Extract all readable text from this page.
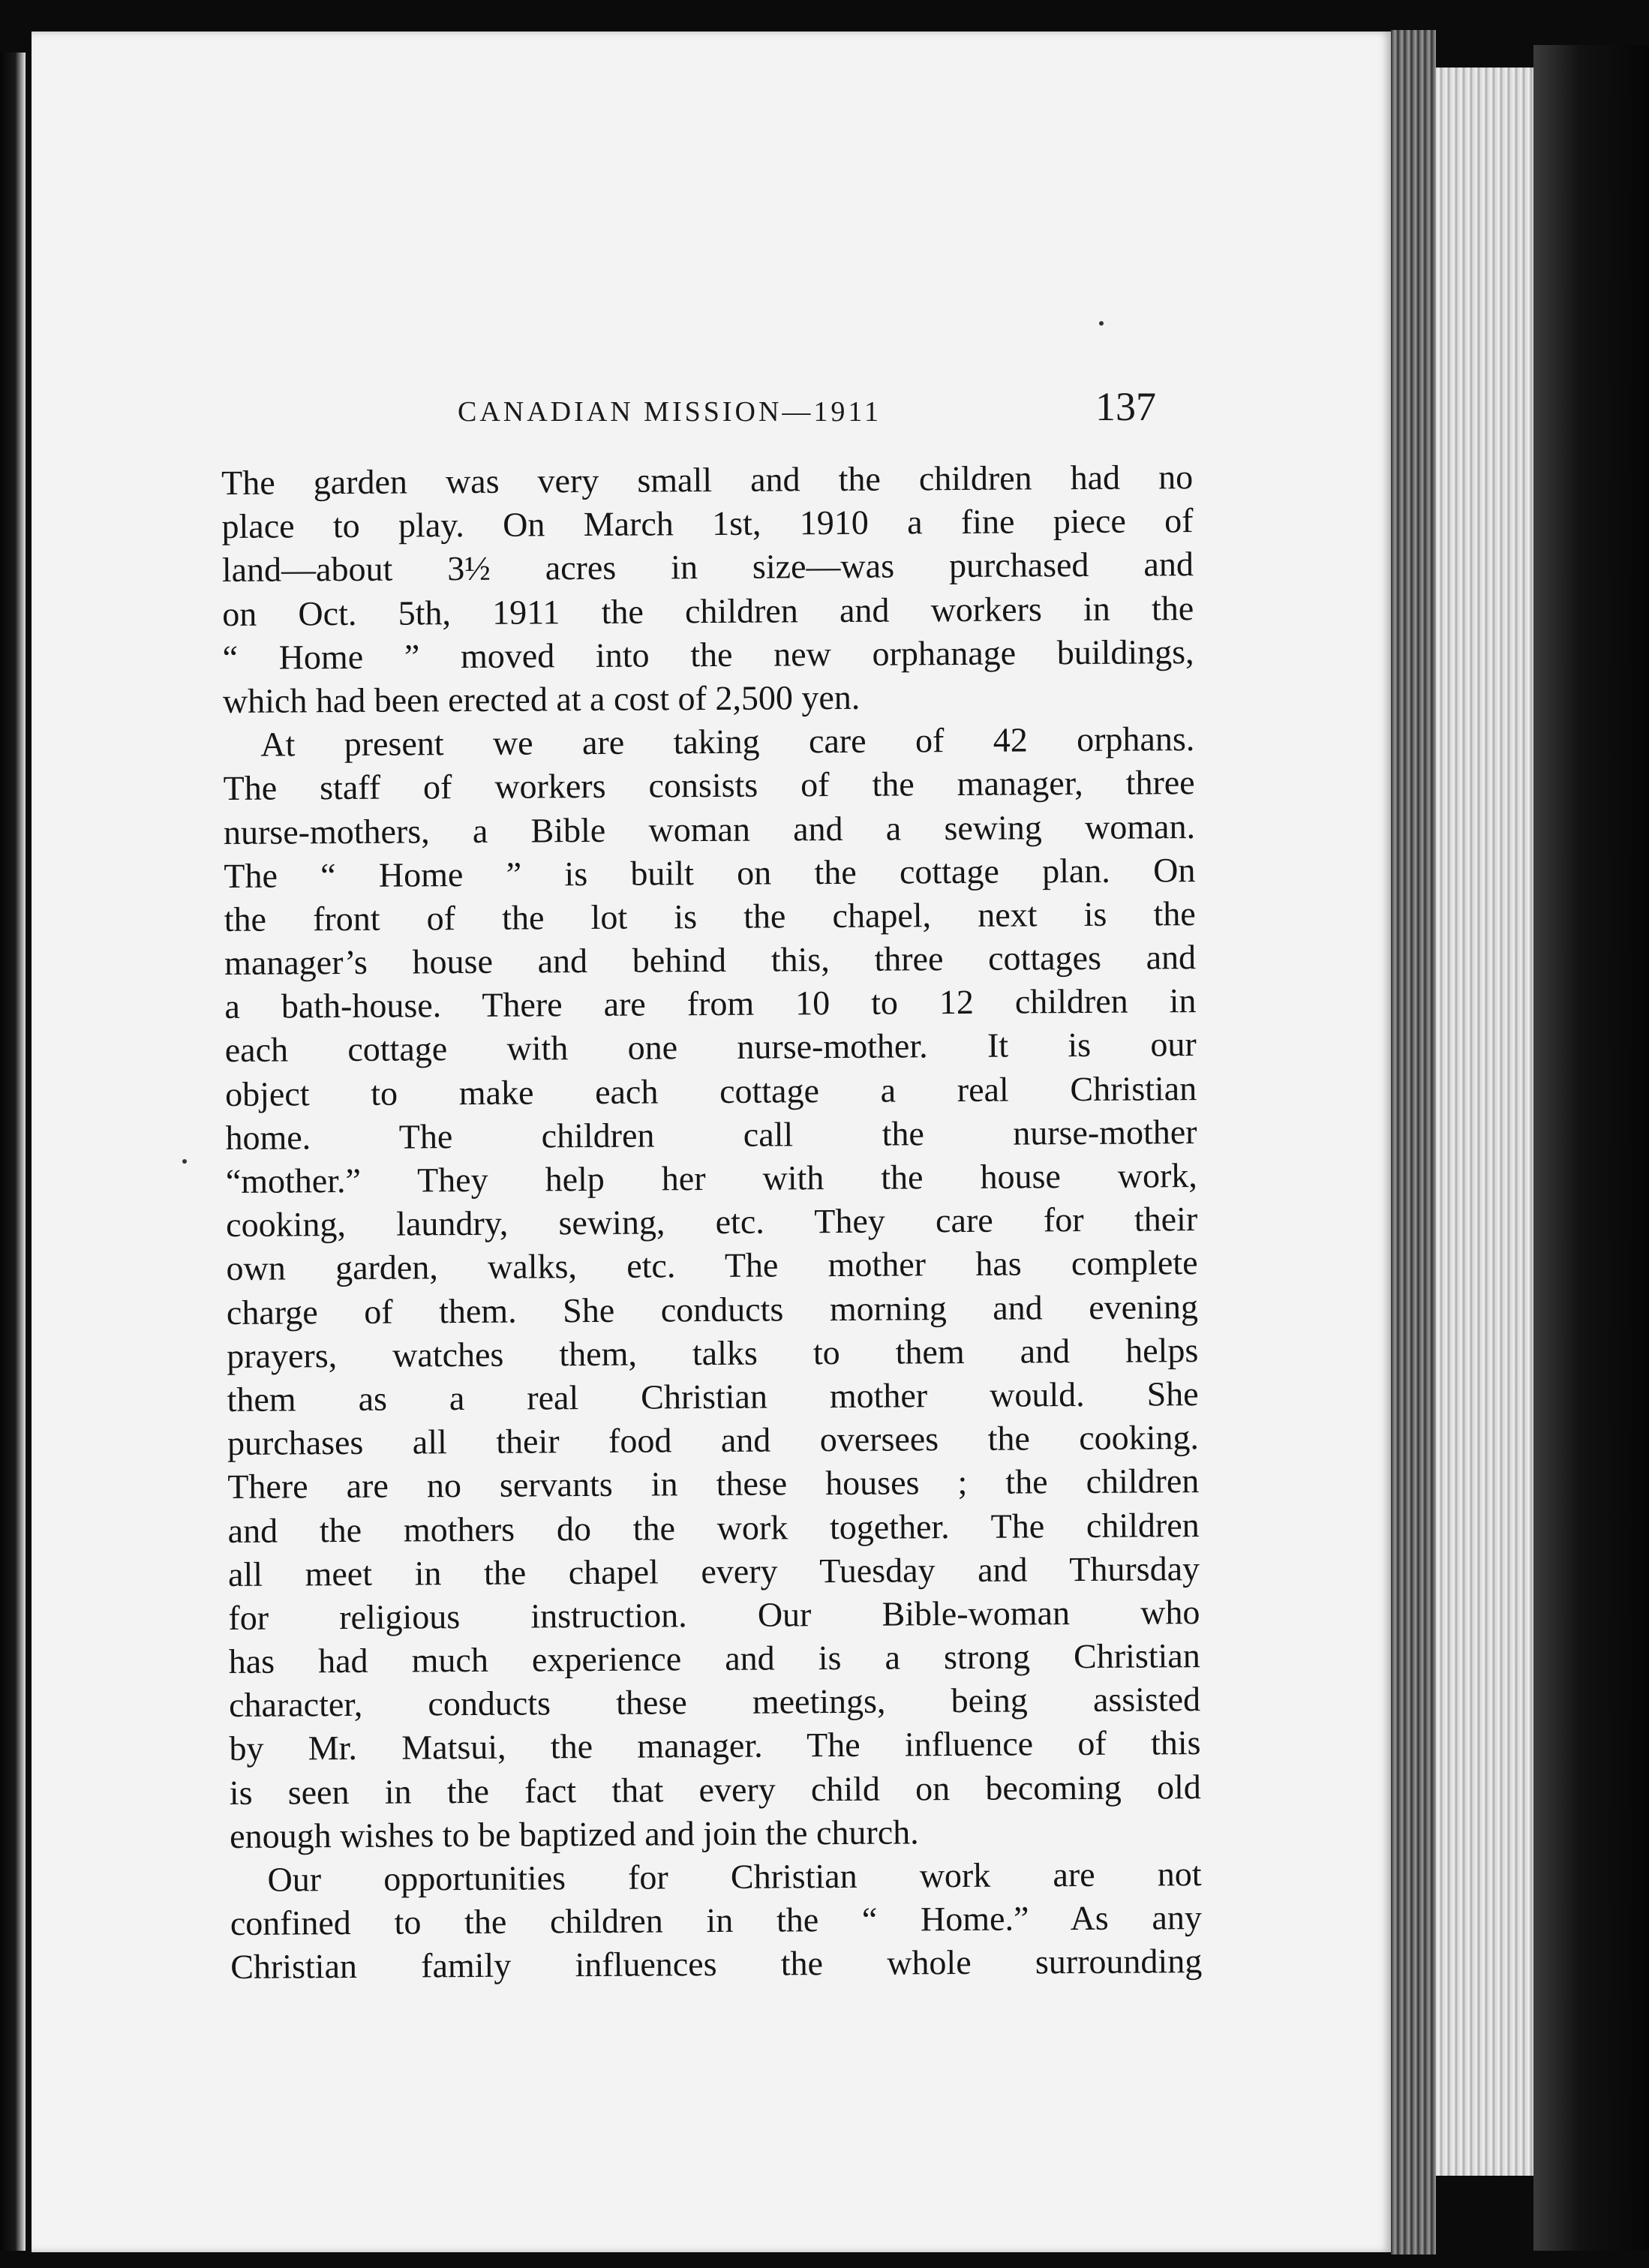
CANADIAN MISSION—1911	137
The garden was very small and the children had no
place to play. On March 1st, 1910 a fine piece of
land—about 3½ acres in size—was purchased and
on Oct. 5th, 1911 the children and workers in the
“ Home ” moved into the new orphanage buildings,
which had been erected at a cost of 2,500 yen.
At present we are taking care of 42 orphans.
The staff of workers consists of the manager, three
nurse-mothers, a Bible woman and a sewing woman.
The “ Home ” is built on the cottage plan. On
the front of the lot is the chapel, next is the
manager’s house and behind this, three cottages and
a bath-house. There are from 10 to 12 children in
each cottage with one nurse-mother. It is our
object to make each cottage a real Christian
home. The children call the nurse-mother
“mother.” They help her with the house work,
cooking, laundry, sewing, etc. They care for their
own garden, walks, etc. The mother has complete
charge of them. She conducts morning and evening
prayers, watches them, talks to them and helps
them as a real Christian mother would. She
purchases all their food and oversees the cooking.
There are no servants in these houses ; the children
and the mothers do the work together. The children
all meet in the chapel every Tuesday and Thursday
for religious instruction. Our Bible-woman who
has had much experience and is a strong Christian
character, conducts these meetings, being assisted
by Mr. Matsui, the manager. The influence of this
is seen in the fact that every child on becoming old
enough wishes to be baptized and join the church.
Our opportunities for Christian work are not
confined to the children in the “ Home.” As any
Christian family influences the whole surrounding
